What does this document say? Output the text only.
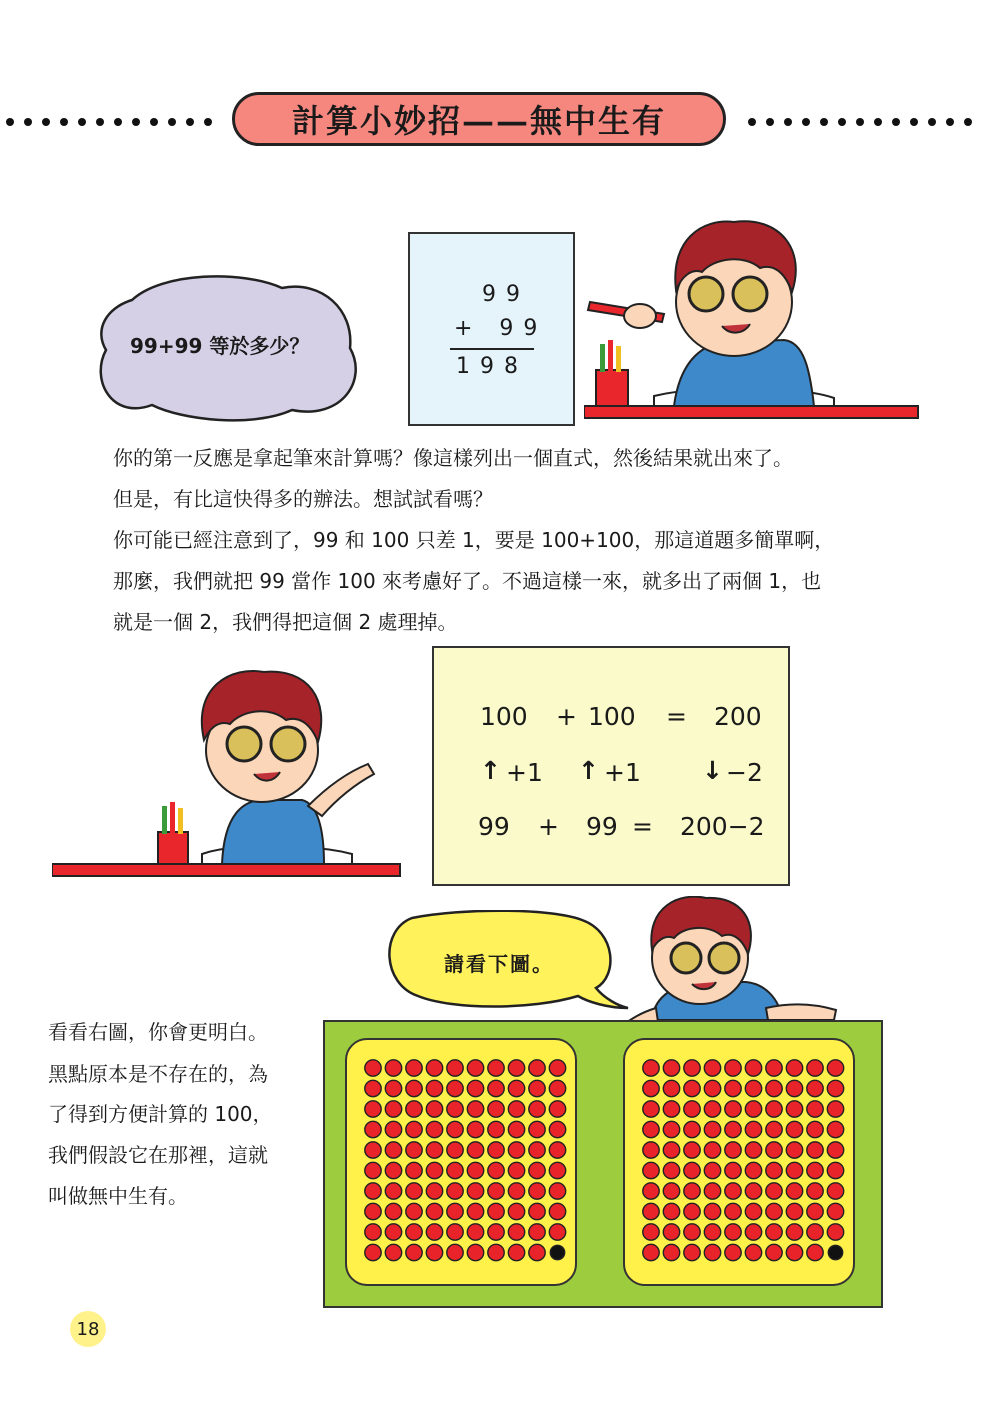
計算小妙招——無中生有
99+99 等於多少？
99
+ 99
198
你的第一反應是拿起筆來計算嗎？像這樣列出一個直式，然後結果就出來了。
但是，有比這快得多的辦法。想試試看嗎？
你可能已經注意到了，99 和 100 只差 1，要是 100+100，那這道題多簡單啊，
那麼，我們就把 99 當作 100 來考慮好了。不過這樣一來，就多出了兩個 1，也
就是一個 2，我們得把這個 2 處理掉。
100 + 100 = 200
↑ +1 ↑ +1 ↓ −2
99 + 99 = 200−2
請看下圖。
看看右圖，你會更明白。
黑點原本是不存在的，為
了得到方便計算的 100，
我們假設它在那裡，這就
叫做無中生有。
18
